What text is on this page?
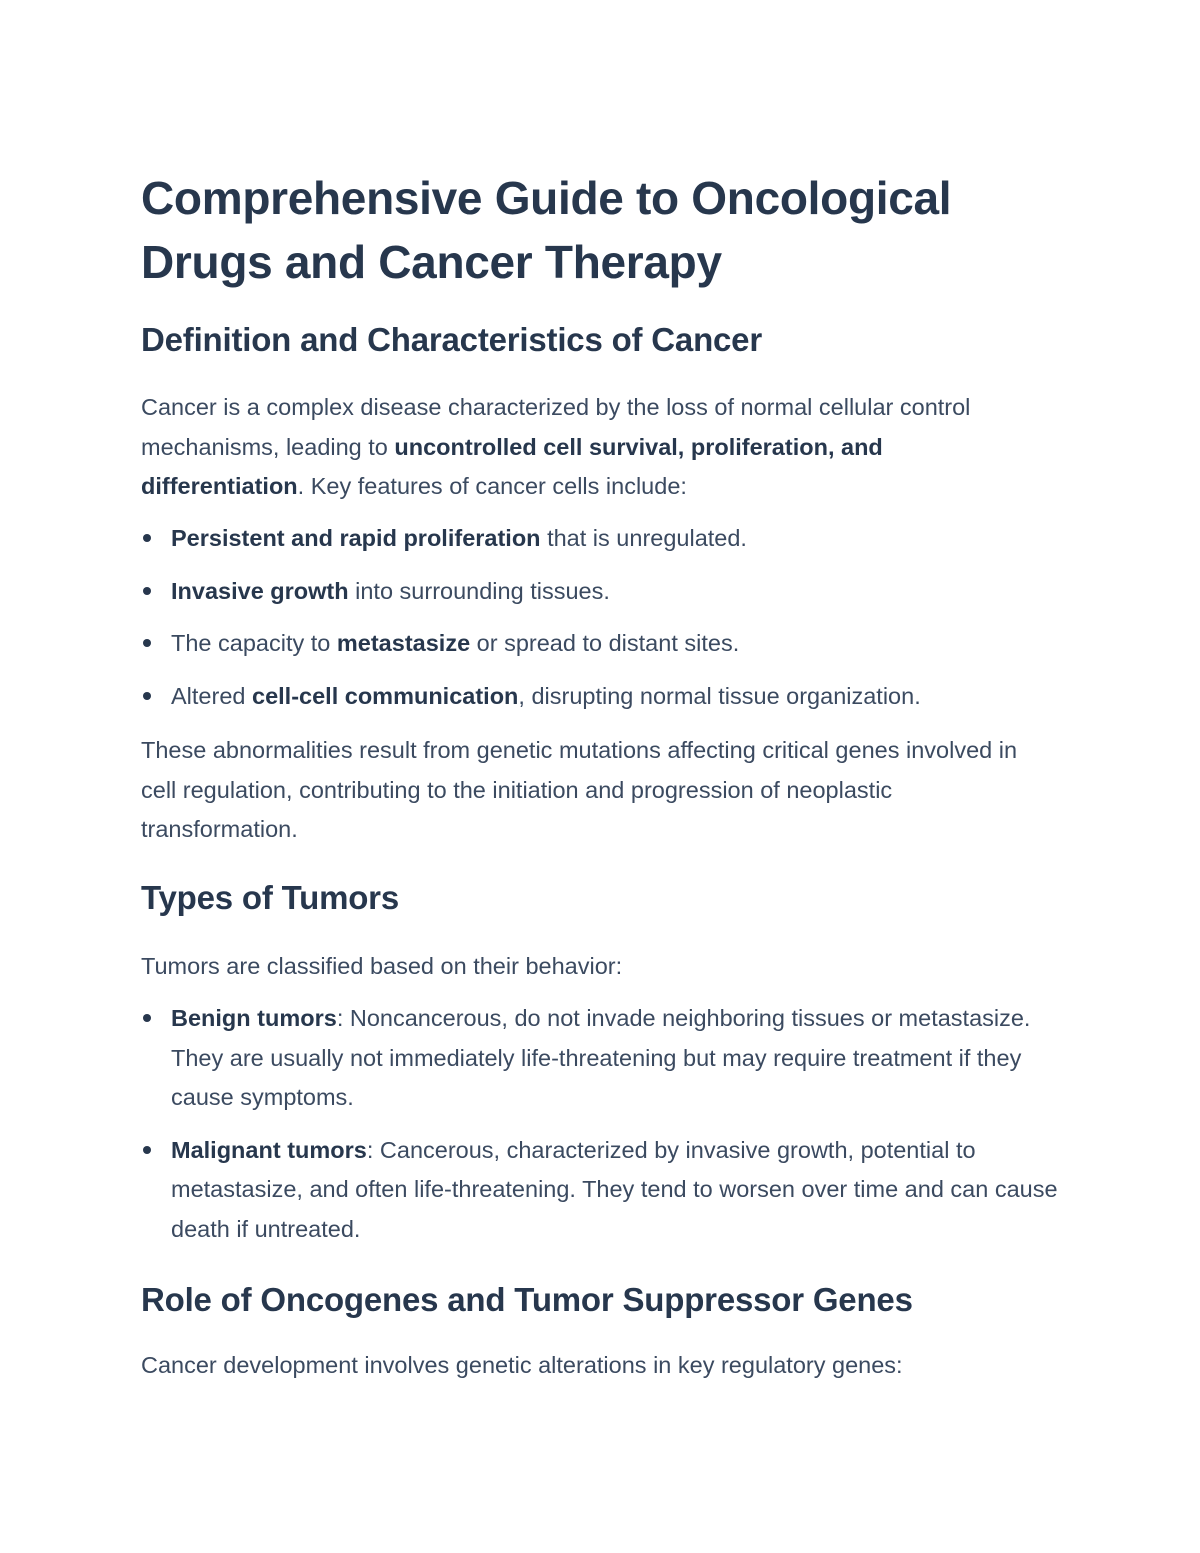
Comprehensive Guide to Oncological Drugs and Cancer Therapy
Definition and Characteristics of Cancer

Cancer is a complex disease characterized by the loss of normal cellular control mechanisms, leading to uncontrolled cell survival, proliferation, and differentiation. Key features of cancer cells include:

Persistent and rapid proliferation that is unregulated.
Invasive growth into surrounding tissues.
The capacity to metastasize or spread to distant sites.
Altered cell-cell communication, disrupting normal tissue organization.

These abnormalities result from genetic mutations affecting critical genes involved in cell regulation, contributing to the initiation and progression of neoplastic transformation.

Types of Tumors

Tumors are classified based on their behavior:

Benign tumors: Noncancerous, do not invade neighboring tissues or metastasize. They are usually not immediately life-threatening but may require treatment if they cause symptoms.
Malignant tumors: Cancerous, characterized by invasive growth, potential to metastasize, and often life-threatening. They tend to worsen over time and can cause death if untreated.
Role of Oncogenes and Tumor Suppressor Genes

Cancer development involves genetic alterations in key regulatory genes:
